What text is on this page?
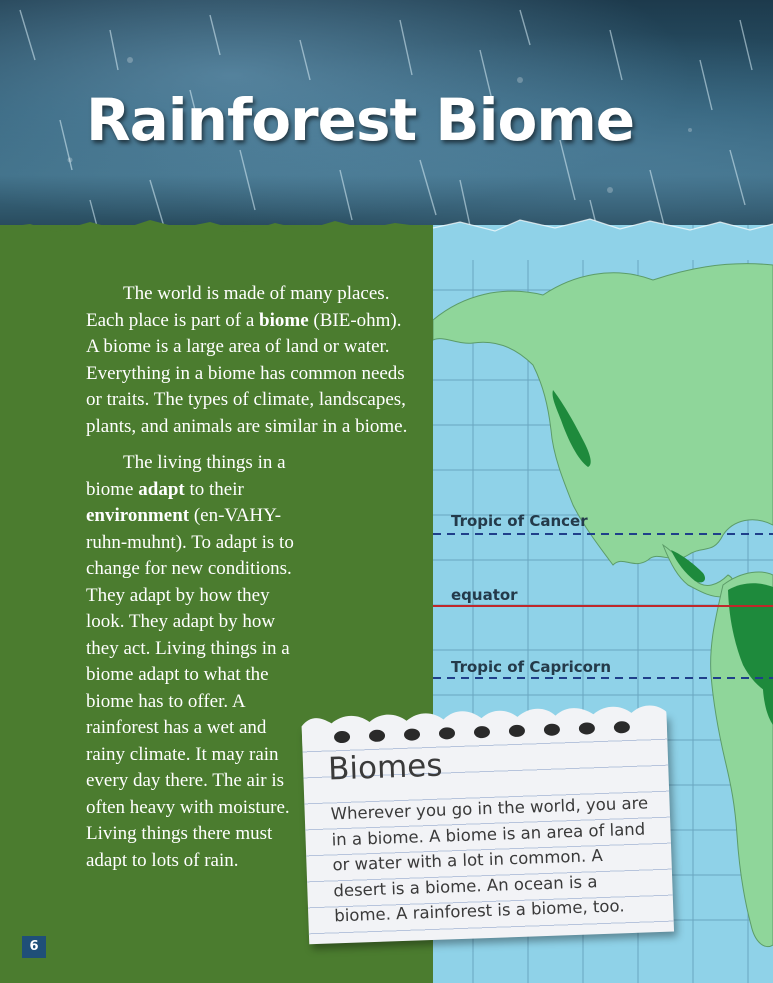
Rainforest Biome
Tropic of Cancer
equator
Tropic of Capricorn

The world is made of many places. Each place is part of a biome (BIE-ohm). A biome is a large area of land or water. Everything in a biome has common needs or traits. The types of climate, landscapes, plants, and animals are similar in a biome.

The living things in a biome adapt to their environment (en-VAHY-ruhn-muhnt). To adapt is to change for new conditions. They adapt by how they look. They adapt by how they act. Living things in a biome adapt to what the biome has to offer. A rainforest has a wet and rainy climate. It may rain every day there. The air is often heavy with moisture. Living things there must adapt to lots of rain.

Biomes
Wherever you go in the world, you are in a biome. A biome is an area of land or water with a lot in common. A desert is a biome. An ocean is a biome. A rainforest is a biome, too.
6
